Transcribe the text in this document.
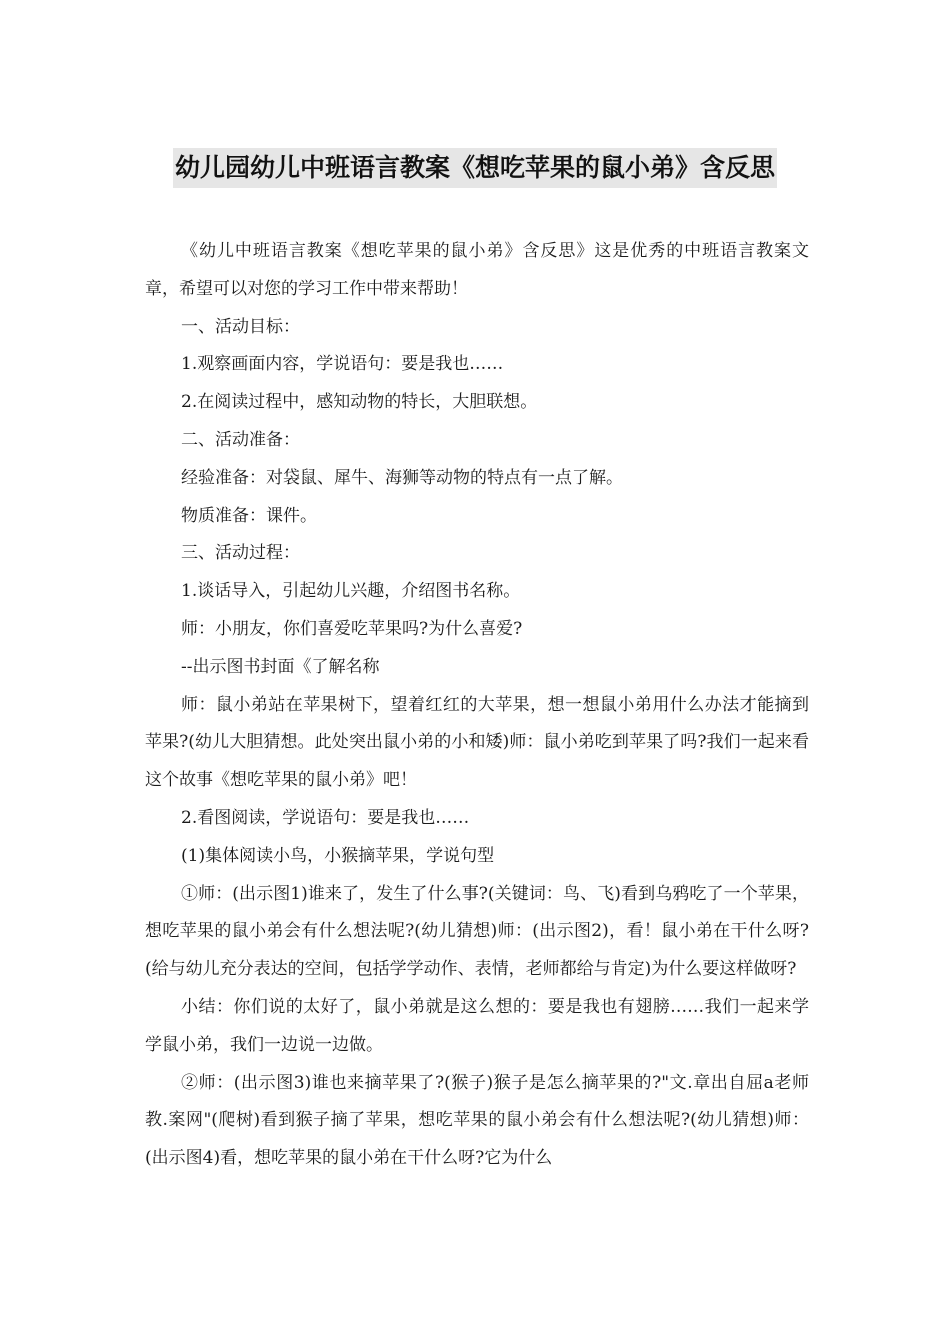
幼儿园幼儿中班语言教案《想吃苹果的鼠小弟》含反思

《幼儿中班语言教案《想吃苹果的鼠小弟》含反思》这是优秀的中班语言教案文章，希望可以对您的学习工作中带来帮助！

一、活动目标：

1.观察画面内容，学说语句：要是我也……

2.在阅读过程中，感知动物的特长，大胆联想。

二、活动准备：

经验准备：对袋鼠、犀牛、海狮等动物的特点有一点了解。

物质准备：课件。

三、活动过程：

1.谈话导入，引起幼儿兴趣，介绍图书名称。

师：小朋友，你们喜爱吃苹果吗?为什么喜爱?

--出示图书封面《了解名称

师：鼠小弟站在苹果树下，望着红红的大苹果，想一想鼠小弟用什么办法才能摘到苹果?(幼儿大胆猜想。此处突出鼠小弟的小和矮)师：鼠小弟吃到苹果了吗?我们一起来看这个故事《想吃苹果的鼠小弟》吧！

2.看图阅读，学说语句：要是我也……

(1)集体阅读小鸟，小猴摘苹果，学说句型

①师：(出示图1)谁来了，发生了什么事?(关键词：鸟、飞)看到乌鸦吃了一个苹果，想吃苹果的鼠小弟会有什么想法呢?(幼儿猜想)师：(出示图2)，看！鼠小弟在干什么呀?(给与幼儿充分表达的空间，包括学学动作、表情，老师都给与肯定)为什么要这样做呀?

小结：你们说的太好了，鼠小弟就是这么想的：要是我也有翅膀……我们一起来学学鼠小弟，我们一边说一边做。

②师：(出示图3)谁也来摘苹果了?(猴子)猴子是怎么摘苹果的?"文.章出自屈a老师教.案网"(爬树)看到猴子摘了苹果，想吃苹果的鼠小弟会有什么想法呢?(幼儿猜想)师：(出示图4)看，想吃苹果的鼠小弟在干什么呀?它为什么
